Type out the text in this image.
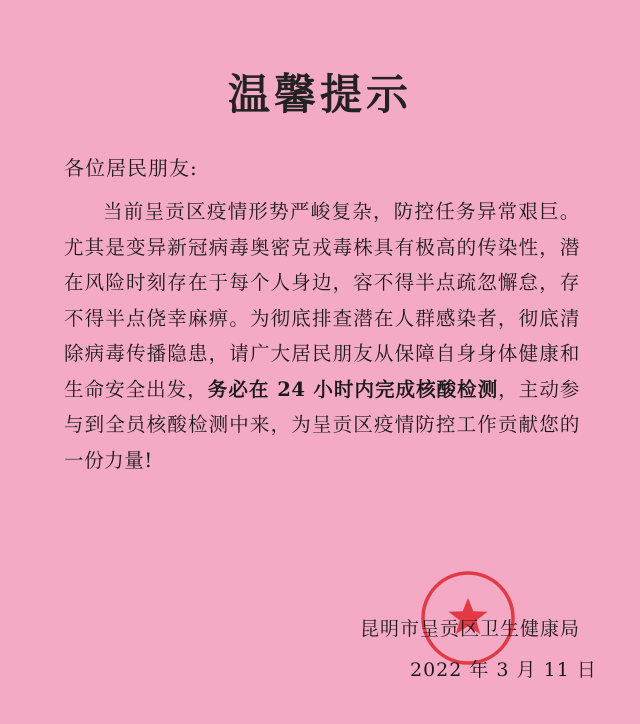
温馨提示
各位居民朋友:

当前呈贡区疫情形势严峻复杂，防控任务异常艰巨。尤其是变异新冠病毒奥密克戎毒株具有极高的传染性，潜在风险时刻存在于每个人身边，容不得半点疏忽懈怠，存不得半点侥幸麻痹。为彻底排查潜在人群感染者，彻底清除病毒传播隐患，请广大居民朋友从保障自身身体健康和生命安全出发，务必在 24 小时内完成核酸检测，主动参与到全员核酸检测中来，为呈贡区疫情防控工作贡献您的一份力量!

昆明市呈贡区卫生健康局
2022 年 3 月 11 日
